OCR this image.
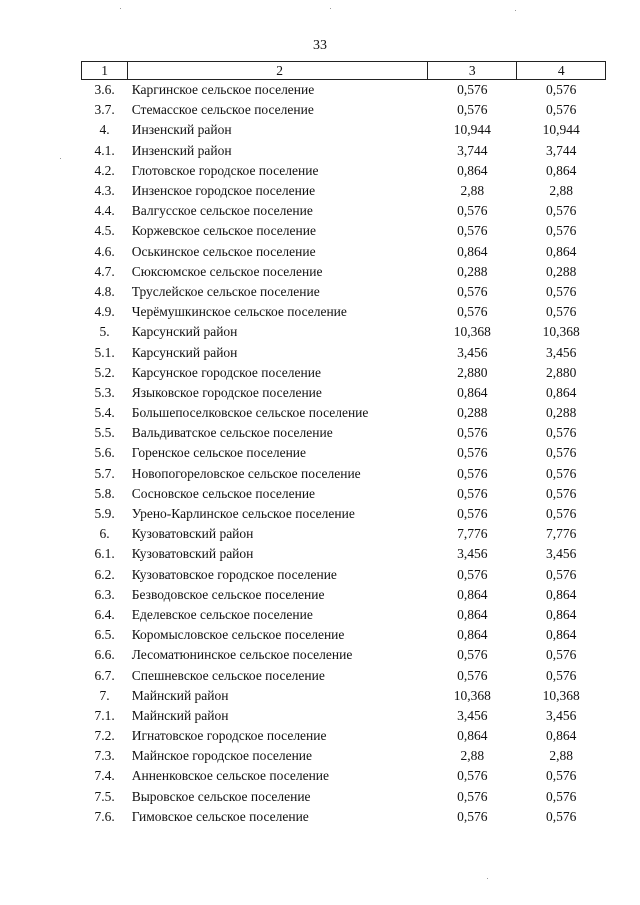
33
1	2	3	4
3.6.	Каргинское сельское поселение	0,576	0,576
3.7.	Стемасское сельское поселение	0,576	0,576
4.	Инзенский район	10,944	10,944
4.1.	Инзенский район	3,744	3,744
4.2.	Глотовское городское поселение	0,864	0,864
4.3.	Инзенское городское поселение	2,88	2,88
4.4.	Валгусское сельское поселение	0,576	0,576
4.5.	Коржевское сельское поселение	0,576	0,576
4.6.	Оськинское сельское поселение	0,864	0,864
4.7.	Сюксюмское сельское поселение	0,288	0,288
4.8.	Труслейское сельское поселение	0,576	0,576
4.9.	Черёмушкинское сельское поселение	0,576	0,576
5.	Карсунский район	10,368	10,368
5.1.	Карсунский район	3,456	3,456
5.2.	Карсунское городское поселение	2,880	2,880
5.3.	Языковское городское поселение	0,864	0,864
5.4.	Большепоселковское сельское поселение	0,288	0,288
5.5.	Вальдиватское сельское поселение	0,576	0,576
5.6.	Горенское сельское поселение	0,576	0,576
5.7.	Новопогореловское сельское поселение	0,576	0,576
5.8.	Сосновское сельское поселение	0,576	0,576
5.9.	Урено-Карлинское сельское поселение	0,576	0,576
6.	Кузоватовский район	7,776	7,776
6.1.	Кузоватовский район	3,456	3,456
6.2.	Кузоватовское городское поселение	0,576	0,576
6.3.	Безводовское сельское поселение	0,864	0,864
6.4.	Еделевское сельское поселение	0,864	0,864
6.5.	Коромысловское сельское поселение	0,864	0,864
6.6.	Лесоматюнинское сельское поселение	0,576	0,576
6.7.	Спешневское сельское поселение	0,576	0,576
7.	Майнский район	10,368	10,368
7.1.	Майнский район	3,456	3,456
7.2.	Игнатовское городское поселение	0,864	0,864
7.3.	Майнское городское поселение	2,88	2,88
7.4.	Анненковское сельское поселение	0,576	0,576
7.5.	Выровское сельское поселение	0,576	0,576
7.6.	Гимовское сельское поселение	0,576	0,576
